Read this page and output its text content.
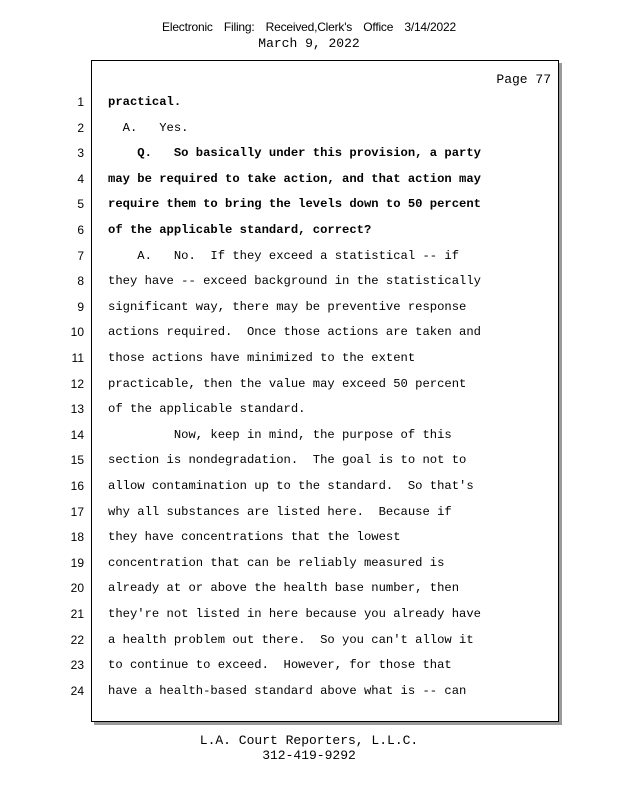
Electronic Filing: Received,Clerk's Office 3/14/2022
March 9, 2022
Page 77
1 practical.
2 A.   Yes.
3 Q.   So basically under this provision, a party
4 may be required to take action, and that action may
5 require them to bring the levels down to 50 percent
6 of the applicable standard, correct?
7 A.   No.  If they exceed a statistical -- if
8 they have -- exceed background in the statistically
9 significant way, there may be preventive response
10 actions required.  Once those actions are taken and
11 those actions have minimized to the extent
12 practicable, then the value may exceed 50 percent
13 of the applicable standard.
14 Now, keep in mind, the purpose of this
15 section is nondegradation.  The goal is to not to
16 allow contamination up to the standard.  So that's
17 why all substances are listed here.  Because if
18 they have concentrations that the lowest
19 concentration that can be reliably measured is
20 already at or above the health base number, then
21 they're not listed in here because you already have
22 a health problem out there.  So you can't allow it
23 to continue to exceed.  However, for those that
24 have a health-based standard above what is -- can
L.A. Court Reporters, L.L.C.
312-419-9292
